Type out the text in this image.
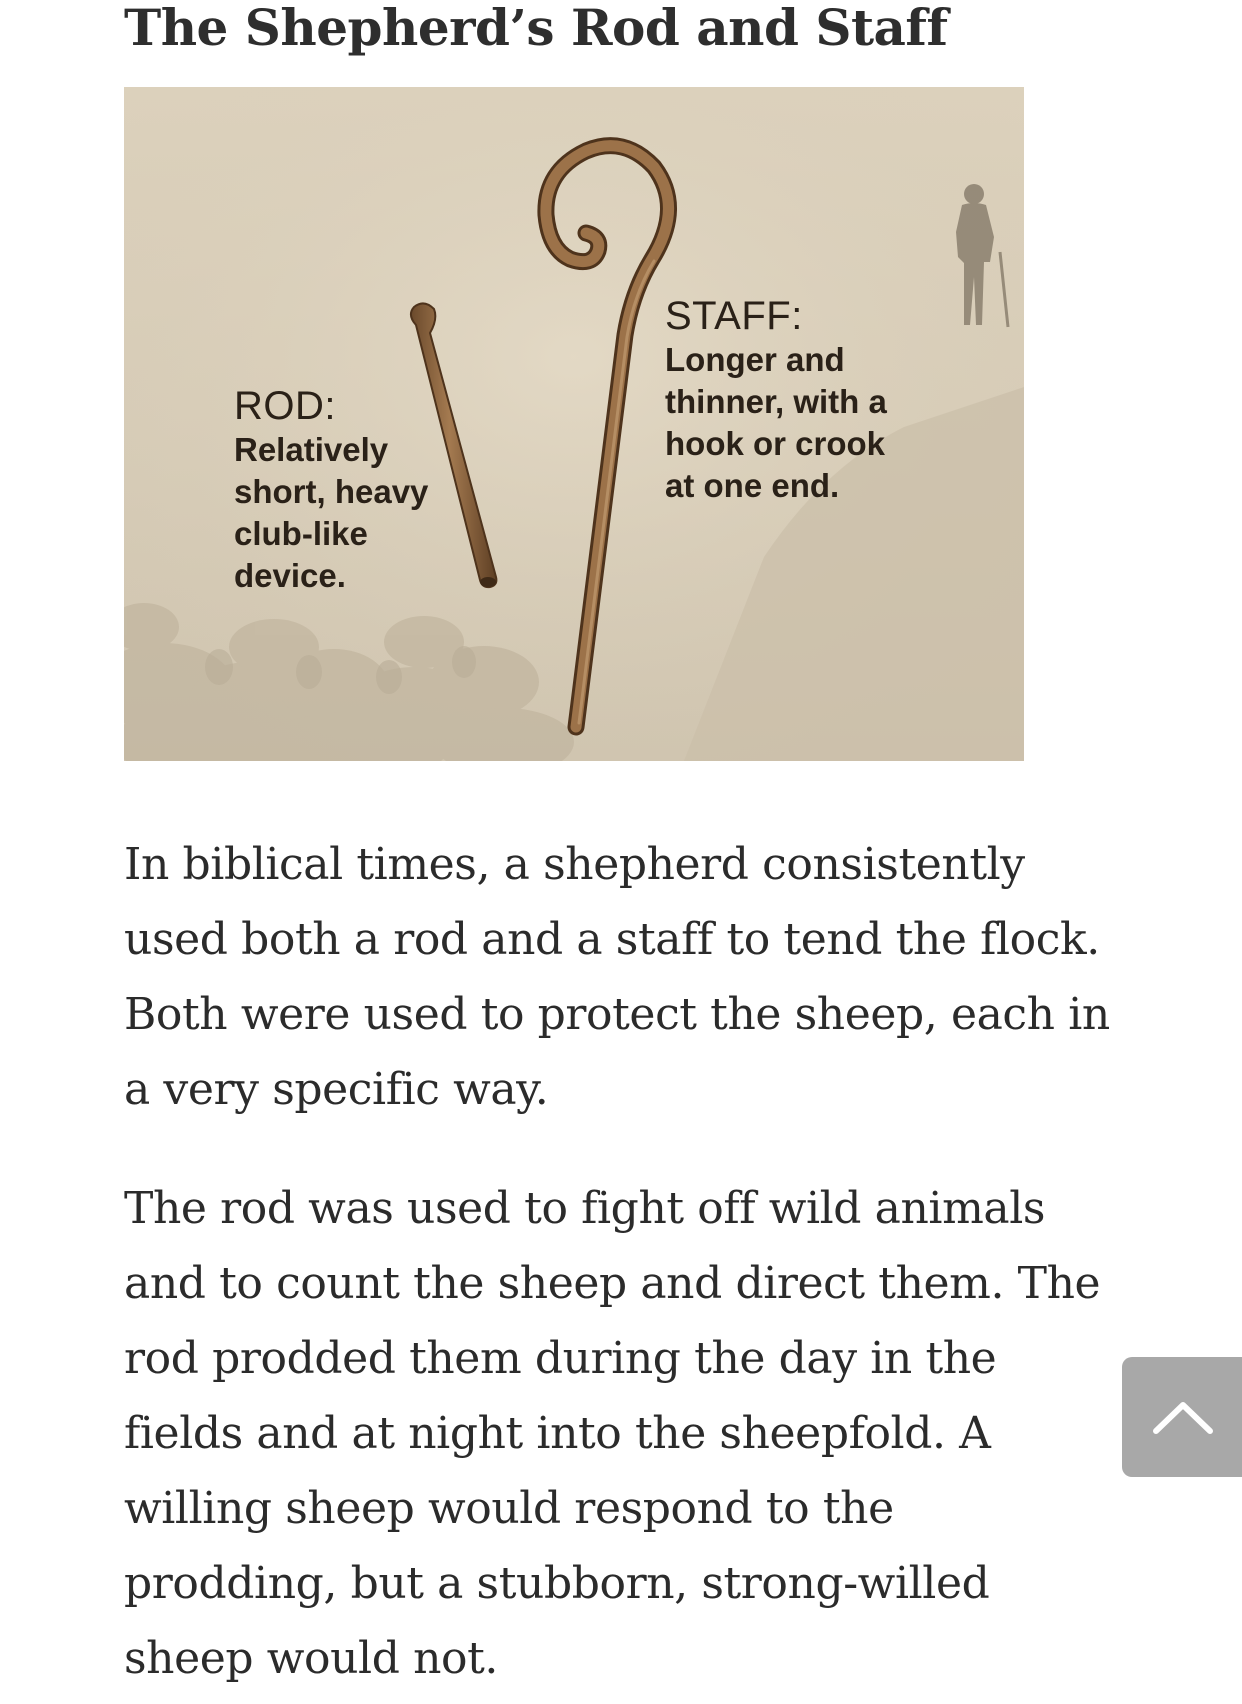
The Shepherd’s Rod and Staff
ROD:
Relatively
short, heavy
club-like
device.
STAFF:
Longer and
thinner, with a
hook or crook
at one end.

In biblical times, a shepherd consistently
used both a rod and a staff to tend the flock.
Both were used to protect the sheep, each in
a very specific way.

The rod was used to fight off wild animals
and to count the sheep and direct them. The
rod prodded them during the day in the
fields and at night into the sheepfold. A
willing sheep would respond to the
prodding, but a stubborn, strong-willed
sheep would not.
